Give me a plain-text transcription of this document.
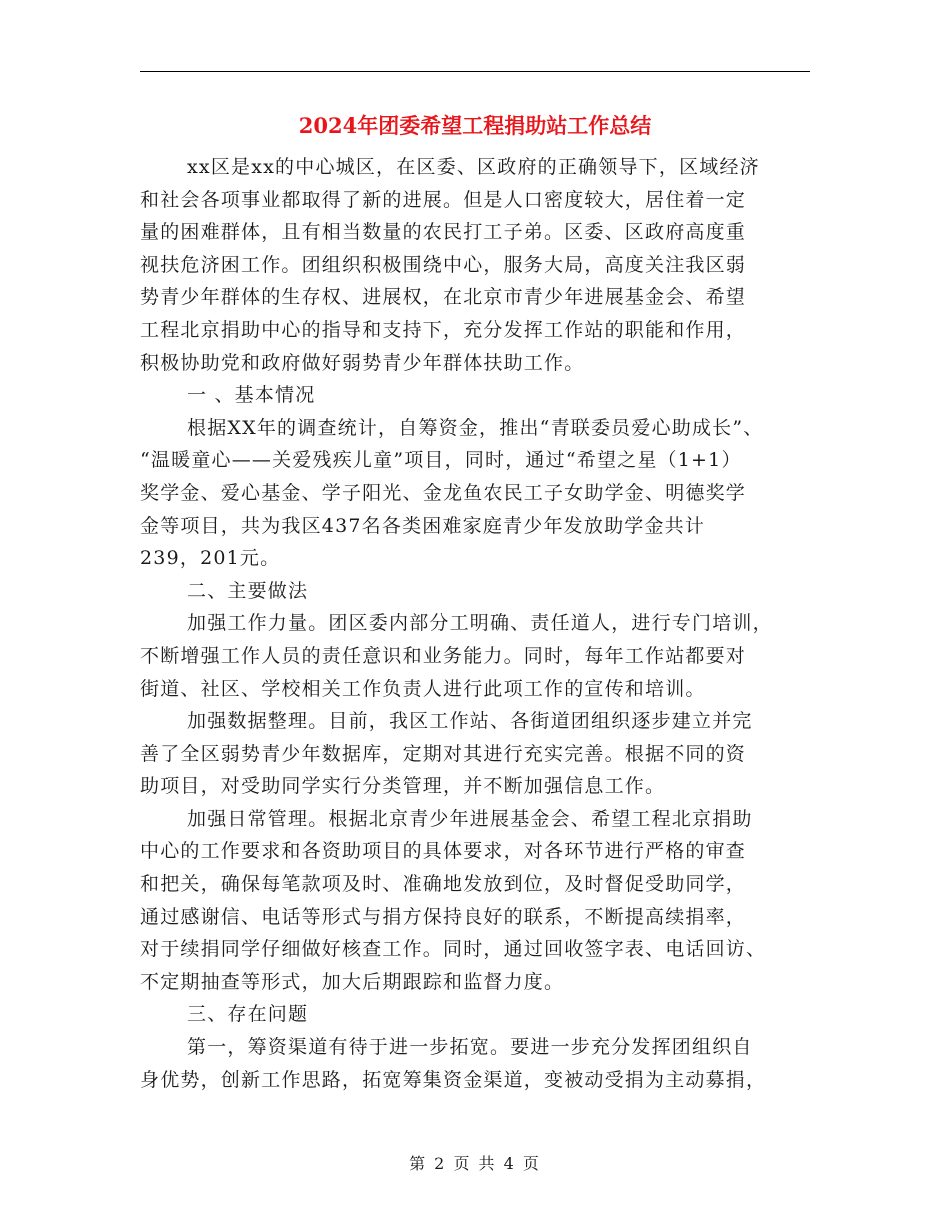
2024年团委希望工程捐助站工作总结

xx区是xx的中心城区，在区委、区政府的正确领导下，区域经济

和社会各项事业都取得了新的进展。但是人口密度较大，居住着一定

量的困难群体，且有相当数量的农民打工子弟。区委、区政府高度重

视扶危济困工作。团组织积极围绕中心，服务大局，高度关注我区弱

势青少年群体的生存权、进展权，在北京市青少年进展基金会、希望

工程北京捐助中心的指导和支持下，充分发挥工作站的职能和作用，

积极协助党和政府做好弱势青少年群体扶助工作。

一 、基本情况

根据XX年的调查统计，自筹资金，推出“青联委员爱心助成长”、

“温暖童心——关爱残疾儿童”项目，同时，通过“希望之星（1+1）

奖学金、爱心基金、学子阳光、金龙鱼农民工子女助学金、明德奖学

金等项目，共为我区437名各类困难家庭青少年发放助学金共计

239，201元。

二、主要做法

加强工作力量。团区委内部分工明确、责任道人，进行专门培训，

不断增强工作人员的责任意识和业务能力。同时，每年工作站都要对

街道、社区、学校相关工作负责人进行此项工作的宣传和培训。

加强数据整理。目前，我区工作站、各街道团组织逐步建立并完

善了全区弱势青少年数据库，定期对其进行充实完善。根据不同的资

助项目，对受助同学实行分类管理，并不断加强信息工作。

加强日常管理。根据北京青少年进展基金会、希望工程北京捐助

中心的工作要求和各资助项目的具体要求，对各环节进行严格的审查

和把关，确保每笔款项及时、准确地发放到位，及时督促受助同学，

通过感谢信、电话等形式与捐方保持良好的联系，不断提高续捐率，

对于续捐同学仔细做好核查工作。同时，通过回收签字表、电话回访、

不定期抽查等形式，加大后期跟踪和监督力度。

三、存在问题

第一，筹资渠道有待于进一步拓宽。要进一步充分发挥团组织自

身优势，创新工作思路，拓宽筹集资金渠道，变被动受捐为主动募捐，

第 2 页 共 4 页
